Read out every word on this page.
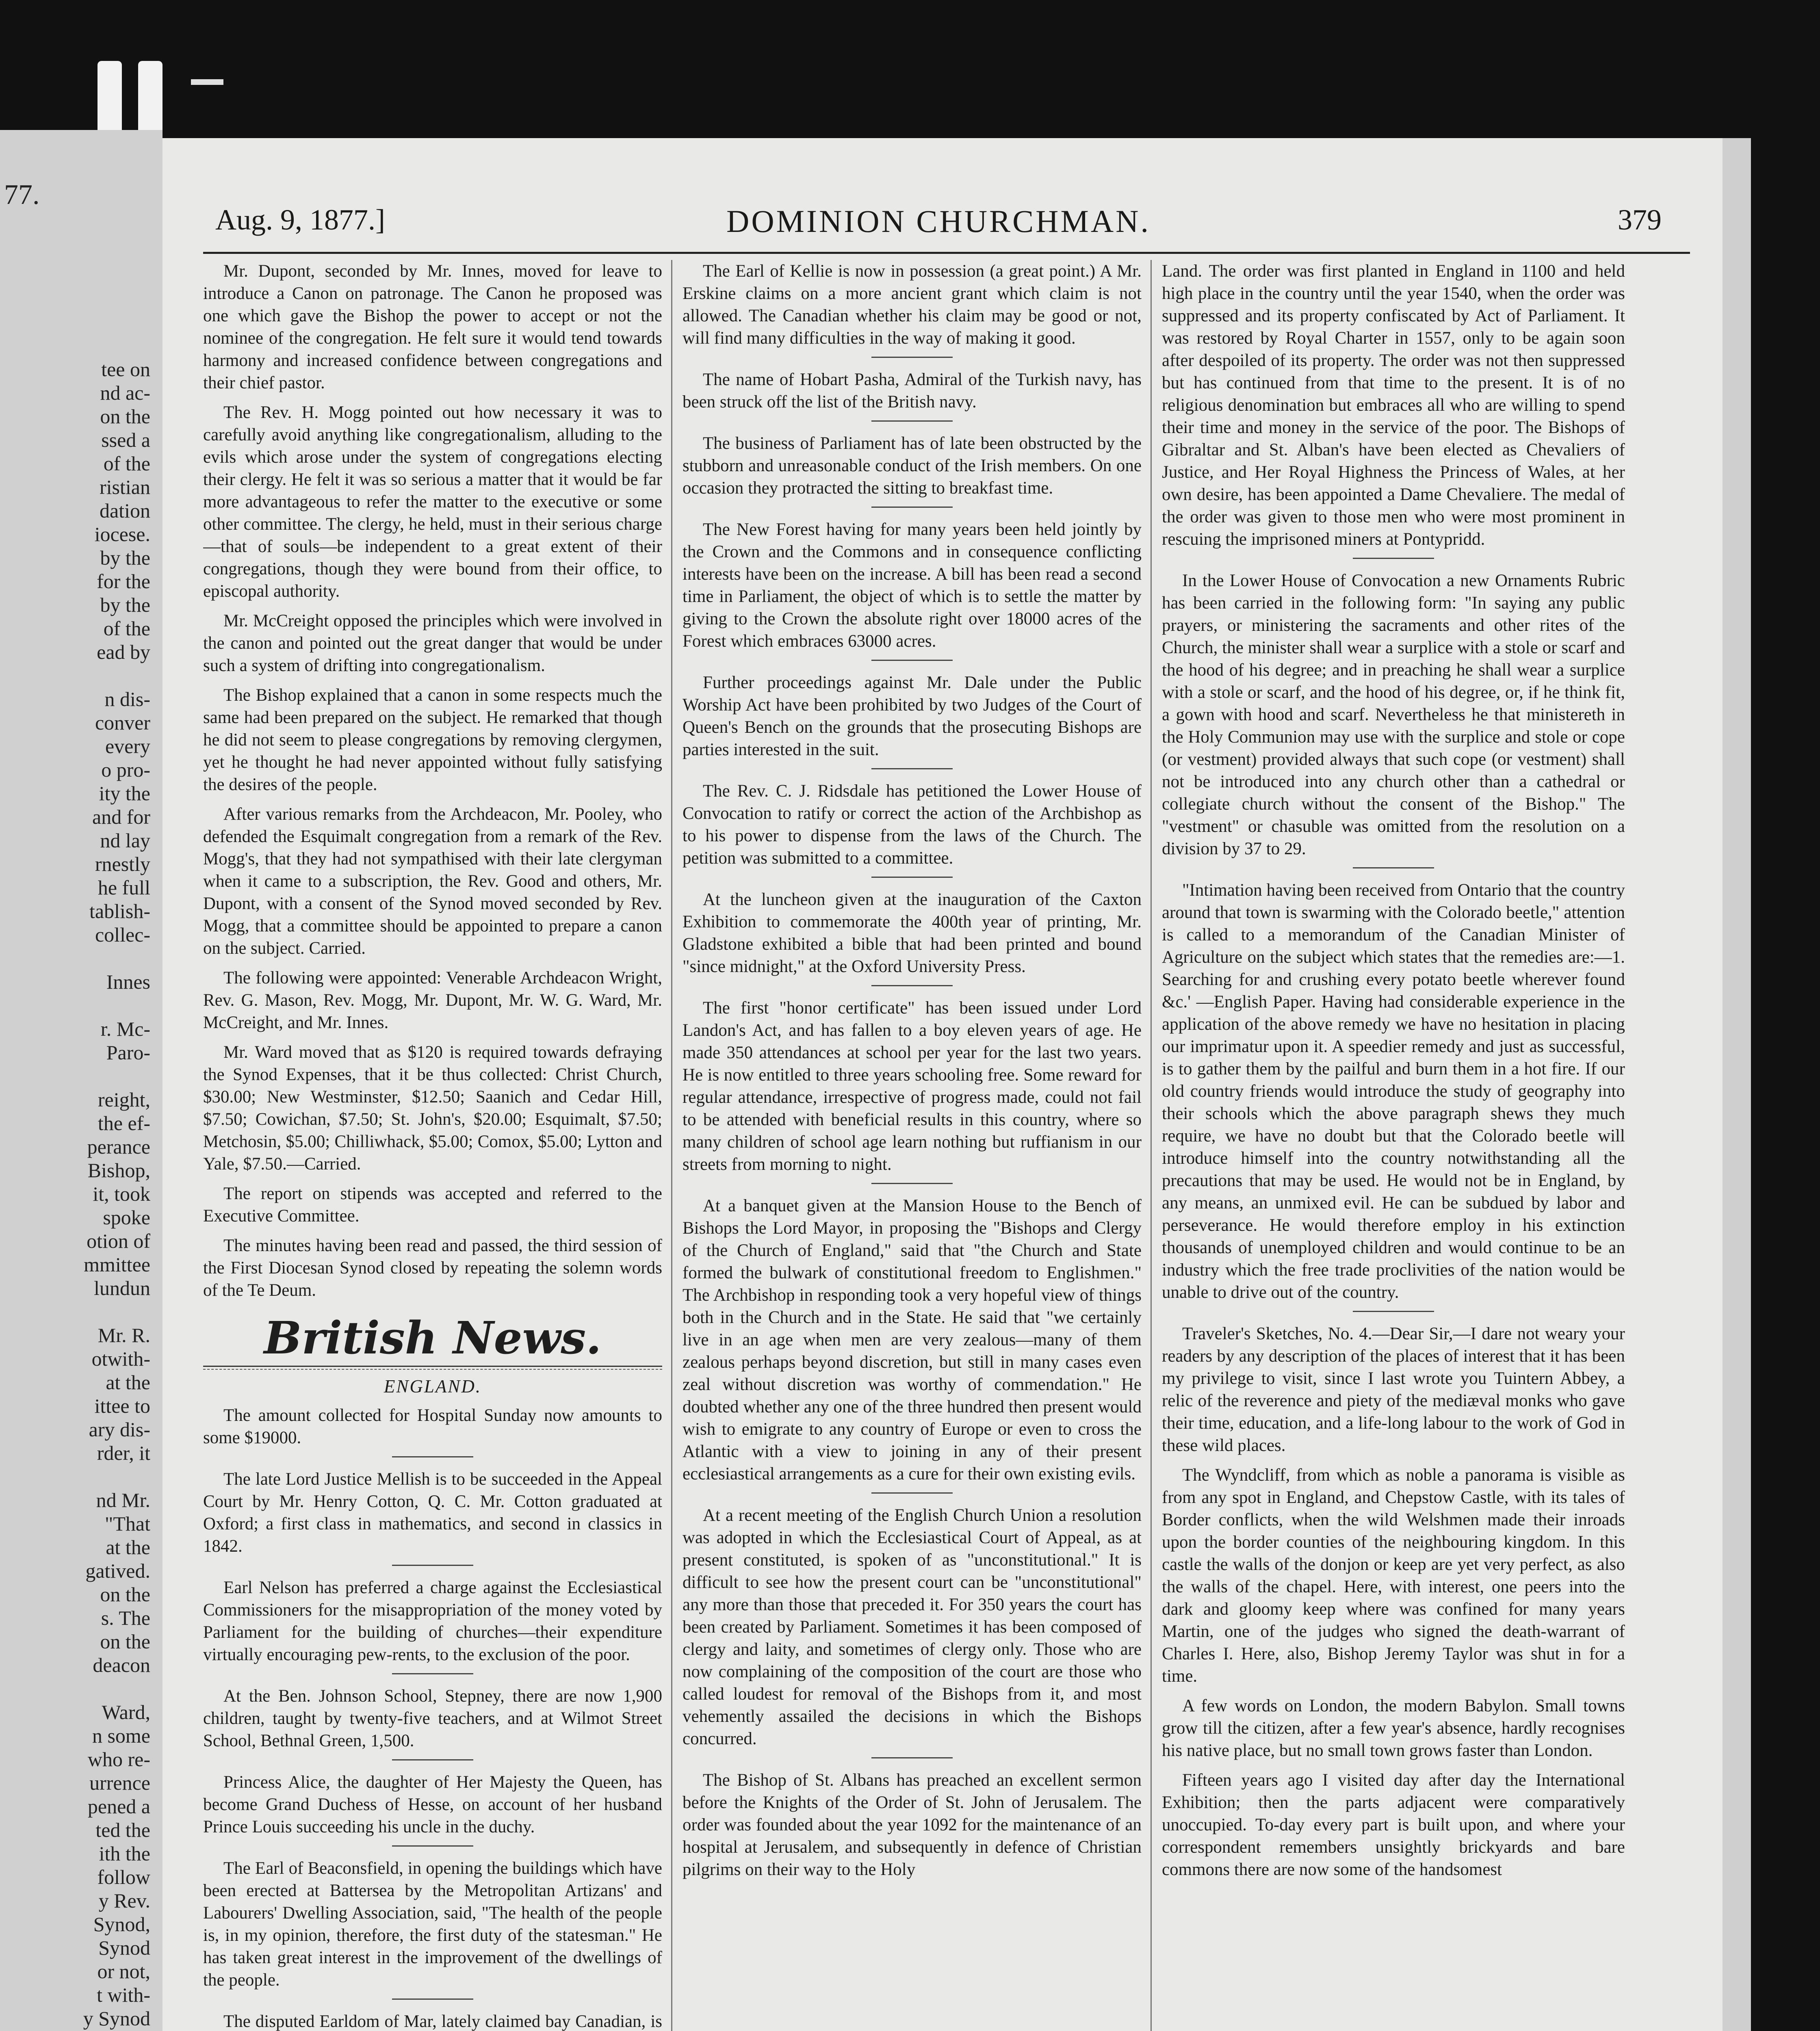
77.
tee on
nd ac-
on the
ssed a
of the
ristian
dation
iocese.
by the
for the
by the
of the
ead by

n dis-
conver
every
o pro-
ity the
and for
nd lay
rnestly
he full
tablish-
collec-

Innes

r. Mc-
Paro-

reight,
the ef-
perance
Bishop,
it, took
spoke
otion of
mmittee
lundun

Mr. R.
otwith-
at the
ittee to
ary dis-
rder, it

nd Mr.
"That
at the
gatived.
on the
s. The
on the
deacon

Ward,
n some
who re-
urrence
pened a
ted the
ith the
follow
y Rev.
Synod,
Synod
or not,
t with-
y Synod

Aug. 9, 1877.]	DOMINION CHURCHMAN.	379

Mr. Dupont, seconded by Mr. Innes, moved for leave to introduce a Canon on patronage. The Canon he proposed was one which gave the Bishop the power to accept or not the nominee of the congregation. He felt sure it would tend towards harmony and increased confidence between congregations and their chief pastor.

The Rev. H. Mogg pointed out how necessary it was to carefully avoid anything like congregationalism, alluding to the evils which arose under the system of congregations electing their clergy. He felt it was so serious a matter that it would be far more advantageous to refer the matter to the executive or some other committee. The clergy, he held, must in their serious charge—that of souls—be independent to a great extent of their congregations, though they were bound from their office, to episcopal authority.

Mr. McCreight opposed the principles which were involved in the canon and pointed out the great danger that would be under such a system of drifting into congregationalism.

The Bishop explained that a canon in some respects much the same had been prepared on the subject. He remarked that though he did not seem to please congregations by removing clergymen, yet he thought he had never appointed without fully satisfying the desires of the people.

After various remarks from the Archdeacon, Mr. Pooley, who defended the Esquimalt congregation from a remark of the Rev. Mogg's, that they had not sympathised with their late clergyman when it came to a subscription, the Rev. Good and others, Mr. Dupont, with a consent of the Synod moved seconded by Rev. Mogg, that a committee should be appointed to prepare a canon on the subject. Carried.

The following were appointed: Venerable Archdeacon Wright, Rev. G. Mason, Rev. Mogg, Mr. Dupont, Mr. W. G. Ward, Mr. McCreight, and Mr. Innes.

Mr. Ward moved that as $120 is required towards defraying the Synod Expenses, that it be thus collected: Christ Church, $30.00; New Westminster, $12.50; Saanich and Cedar Hill, $7.50; Cowichan, $7.50; St. John's, $20.00; Esquimalt, $7.50; Metchosin, $5.00; Chilliwhack, $5.00; Comox, $5.00; Lytton and Yale, $7.50.—Carried.

The report on stipends was accepted and referred to the Executive Committee.

The minutes having been read and passed, the third session of the First Diocesan Synod closed by repeating the solemn words of the Te Deum.

British News.
ENGLAND.

The amount collected for Hospital Sunday now amounts to some $19000.

The late Lord Justice Mellish is to be succeeded in the Appeal Court by Mr. Henry Cotton, Q. C. Mr. Cotton graduated at Oxford; a first class in mathematics, and second in classics in 1842.

Earl Nelson has preferred a charge against the Ecclesiastical Commissioners for the misappropriation of the money voted by Parliament for the building of churches—their expenditure virtually encouraging pew-rents, to the exclusion of the poor.

At the Ben. Johnson School, Stepney, there are now 1,900 children, taught by twenty-five teachers, and at Wilmot Street School, Bethnal Green, 1,500.

Princess Alice, the daughter of Her Majesty the Queen, has become Grand Duchess of Hesse, on account of her husband Prince Louis succeeding his uncle in the duchy.

The Earl of Beaconsfield, in opening the buildings which have been erected at Battersea by the Metropolitan Artizans' and Labourers' Dwelling Association, said, "The health of the people is, in my opinion, therefore, the first duty of the statesman." He has taken great interest in the improvement of the dwellings of the people.

The disputed Earldom of Mar, lately claimed bay Canadian, is

The Earl of Kellie is now in possession (a great point.) A Mr. Erskine claims on a more ancient grant which claim is not allowed. The Canadian whether his claim may be good or not, will find many difficulties in the way of making it good.

The name of Hobart Pasha, Admiral of the Turkish navy, has been struck off the list of the British navy.

The business of Parliament has of late been obstructed by the stubborn and unreasonable conduct of the Irish members. On one occasion they protracted the sitting to breakfast time.

The New Forest having for many years been held jointly by the Crown and the Commons and in consequence conflicting interests have been on the increase. A bill has been read a second time in Parliament, the object of which is to settle the matter by giving to the Crown the absolute right over 18000 acres of the Forest which embraces 63000 acres.

Further proceedings against Mr. Dale under the Public Worship Act have been prohibited by two Judges of the Court of Queen's Bench on the grounds that the prosecuting Bishops are parties interested in the suit.

The Rev. C. J. Ridsdale has petitioned the Lower House of Convocation to ratify or correct the action of the Archbishop as to his power to dispense from the laws of the Church. The petition was submitted to a committee.

At the luncheon given at the inauguration of the Caxton Exhibition to commemorate the 400th year of printing, Mr. Gladstone exhibited a bible that had been printed and bound "since midnight," at the Oxford University Press.

The first "honor certificate" has been issued under Lord Landon's Act, and has fallen to a boy eleven years of age. He made 350 attendances at school per year for the last two years. He is now entitled to three years schooling free. Some reward for regular attendance, irrespective of progress made, could not fail to be attended with beneficial results in this country, where so many children of school age learn nothing but ruffianism in our streets from morning to night.

At a banquet given at the Mansion House to the Bench of Bishops the Lord Mayor, in proposing the "Bishops and Clergy of the Church of England," said that "the Church and State formed the bulwark of constitutional freedom to Englishmen." The Archbishop in responding took a very hopeful view of things both in the Church and in the State. He said that "we certainly live in an age when men are very zealous—many of them zealous perhaps beyond discretion, but still in many cases even zeal without discretion was worthy of commendation." He doubted whether any one of the three hundred then present would wish to emigrate to any country of Europe or even to cross the Atlantic with a view to joining in any of their present ecclesiastical arrangements as a cure for their own existing evils.

At a recent meeting of the English Church Union a resolution was adopted in which the Ecclesiastical Court of Appeal, as at present constituted, is spoken of as "unconstitutional." It is difficult to see how the present court can be "unconstitutional" any more than those that preceded it. For 350 years the court has been created by Parliament. Sometimes it has been composed of clergy and laity, and sometimes of clergy only. Those who are now complaining of the composition of the court are those who called loudest for removal of the Bishops from it, and most vehemently assailed the decisions in which the Bishops concurred.

The Bishop of St. Albans has preached an excellent sermon before the Knights of the Order of St. John of Jerusalem. The order was founded about the year 1092 for the maintenance of an hospital at Jerusalem, and subsequently in defence of Christian pilgrims on their way to the Holy

Land. The order was first planted in England in 1100 and held high place in the country until the year 1540, when the order was suppressed and its property confiscated by Act of Parliament. It was restored by Royal Charter in 1557, only to be again soon after despoiled of its property. The order was not then suppressed but has continued from that time to the present. It is of no religious denomination but embraces all who are willing to spend their time and money in the service of the poor. The Bishops of Gibraltar and St. Alban's have been elected as Chevaliers of Justice, and Her Royal Highness the Princess of Wales, at her own desire, has been appointed a Dame Chevaliere. The medal of the order was given to those men who were most prominent in rescuing the imprisoned miners at Pontypridd.

In the Lower House of Convocation a new Ornaments Rubric has been carried in the following form: "In saying any public prayers, or ministering the sacraments and other rites of the Church, the minister shall wear a surplice with a stole or scarf and the hood of his degree; and in preaching he shall wear a surplice with a stole or scarf, and the hood of his degree, or, if he think fit, a gown with hood and scarf. Nevertheless he that ministereth in the Holy Communion may use with the surplice and stole or cope (or vestment) provided always that such cope (or vestment) shall not be introduced into any church other than a cathedral or collegiate church without the consent of the Bishop." The "vestment" or chasuble was omitted from the resolution on a division by 37 to 29.

"Intimation having been received from Ontario that the country around that town is swarming with the Colorado beetle," attention is called to a memorandum of the Canadian Minister of Agriculture on the subject which states that the remedies are:—1. Searching for and crushing every potato beetle wherever found &c.' —English Paper. Having had considerable experience in the application of the above remedy we have no hesitation in placing our imprimatur upon it. A speedier remedy and just as successful, is to gather them by the pailful and burn them in a hot fire. If our old country friends would introduce the study of geography into their schools which the above paragraph shews they much require, we have no doubt but that the Colorado beetle will introduce himself into the country notwithstanding all the precautions that may be used. He would not be in England, by any means, an unmixed evil. He can be subdued by labor and perseverance. He would therefore employ in his extinction thousands of unemployed children and would continue to be an industry which the free trade proclivities of the nation would be unable to drive out of the country.

Traveler's Sketches, No. 4.—Dear Sir,—I dare not weary your readers by any description of the places of interest that it has been my privilege to visit, since I last wrote you Tuintern Abbey, a relic of the reverence and piety of the mediæval monks who gave their time, education, and a life-long labour to the work of God in these wild places.

The Wyndcliff, from which as noble a panorama is visible as from any spot in England, and Chepstow Castle, with its tales of Border conflicts, when the wild Welshmen made their inroads upon the border counties of the neighbouring kingdom. In this castle the walls of the donjon or keep are yet very perfect, as also the walls of the chapel. Here, with interest, one peers into the dark and gloomy keep where was confined for many years Martin, one of the judges who signed the death-warrant of Charles I. Here, also, Bishop Jeremy Taylor was shut in for a time.

A few words on London, the modern Babylon. Small towns grow till the citizen, after a few year's absence, hardly recognises his native place, but no small town grows faster than London.

Fifteen years ago I visited day after day the International Exhibition; then the parts adjacent were comparatively unoccupied. To-day every part is built upon, and where your correspondent remembers unsightly brickyards and bare commons there are now some of the handsomest
